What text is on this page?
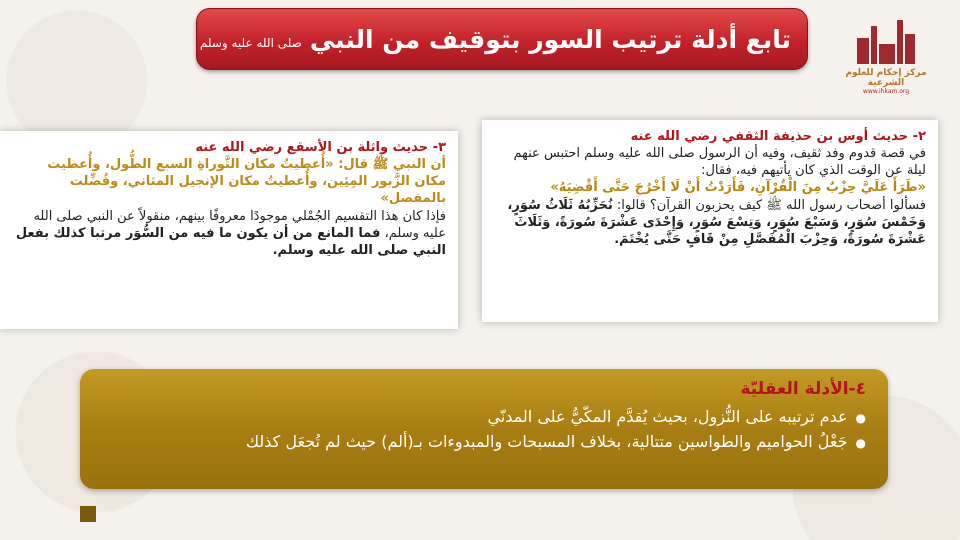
تابع أدلة ترتيب السور بتوقيف من النبي
صلى الله عليه وسلم
مركز إحكام للعلوم الشرعية
www.ihkam.org
٢- حديث أوس بن حذيفة الثقفي رضي الله عنه
في قصة قدوم وفد ثقيف، وفيه أن الرسول صلى الله عليه وسلم احتبس عنهم ليلة عن الوقت الذي كان يأتيهم فيه، فقال:
«طَرَأَ عَلَيَّ حِزْبٌ مِنَ الْقُرْآنِ، فَأَرَدْتُ أَنْ لَا أَخْرُجَ حَتَّى أَقْضِيَهُ»
فسألوا أصحاب رسول الله ﷺ كيف يحزبون القرآن؟ قالوا: نُحَزِّبُهُ ثَلَاثُ سُوَرٍ، وَخَمْسَ سُوَرٍ، وَسَبْعَ سُوَرٍ، وَتِسْعَ سُوَرٍ، وَإِحْدَى عَشْرَةَ سُورَةً، وَثَلَاثَ عَشْرَةَ سُورَةً، وَحِزْبَ الْمُفَصَّلِ مِنْ قَافٍ حَتَّى يُخْتَمَ.
٣- حديث واثلة بن الأسقع رضي الله عنه
أن النبي ﷺ قال: «أُعطيتُ مكان التَّوراةِ السبع الطُّول، وأُعطيت مكان الزَّبور المِئِين، وأُعطيتُ مكان الإنجيل المثاني، وفُضِّلت بالمفصل»
فإذا كان هذا التقسيم الجُمْلي موجودًا معروفًا بينهم، منقولاً عن النبي صلى الله عليه وسلم، فما المانع من أن يكون ما فيه من السُّوَر مرتبا كذلك بفعل النبي صلى الله عليه وسلم.
٤-الأدلة العقليّة
●
عدم ترتيبه على النُّزول، بحيث يُقدَّم المكّيُّ على المدنّي
●
جَعْلُ الحواميم والطواسين متتالية، بخلاف المسبحات والمبدوءات بـ(ألم) حيث لم تُجعَل كذلك
